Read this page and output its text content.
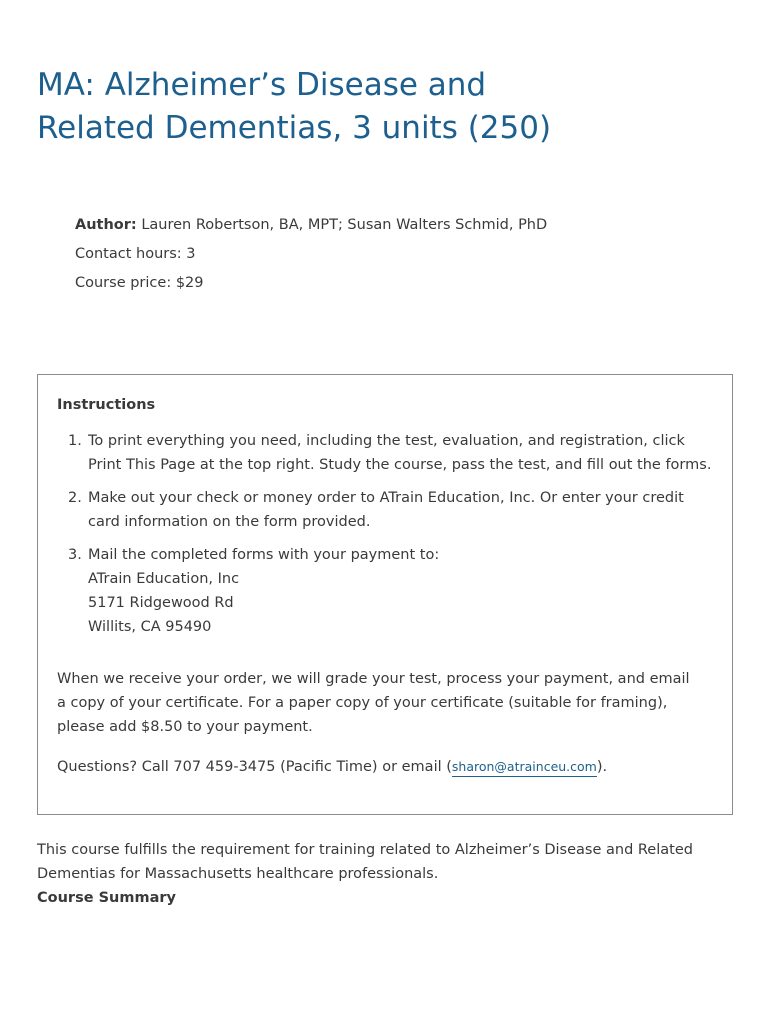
MA: Alzheimer’s Disease and
Related Dementias, 3 units (250)
Author: Lauren Robertson, BA, MPT; Susan Walters Schmid, PhD
Contact hours: 3
Course price: $29
Instructions
1. To print everything you need, including the test, evaluation, and registration, click Print This Page at the top right. Study the course, pass the test, and fill out the forms.
2. Make out your check or money order to ATrain Education, Inc. Or enter your credit card information on the form provided.
3. Mail the completed forms with your payment to:
ATrain Education, Inc
5171 Ridgewood Rd
Willits, CA 95490
When we receive your order, we will grade your test, process your payment, and email a copy of your certificate. For a paper copy of your certificate (suitable for framing), please add $8.50 to your payment.
Questions? Call 707 459-3475 (Pacific Time) or email (sharon@atrainceu.com).
This course fulfills the requirement for training related to Alzheimer’s Disease and Related Dementias for Massachusetts healthcare professionals.
Course Summary
